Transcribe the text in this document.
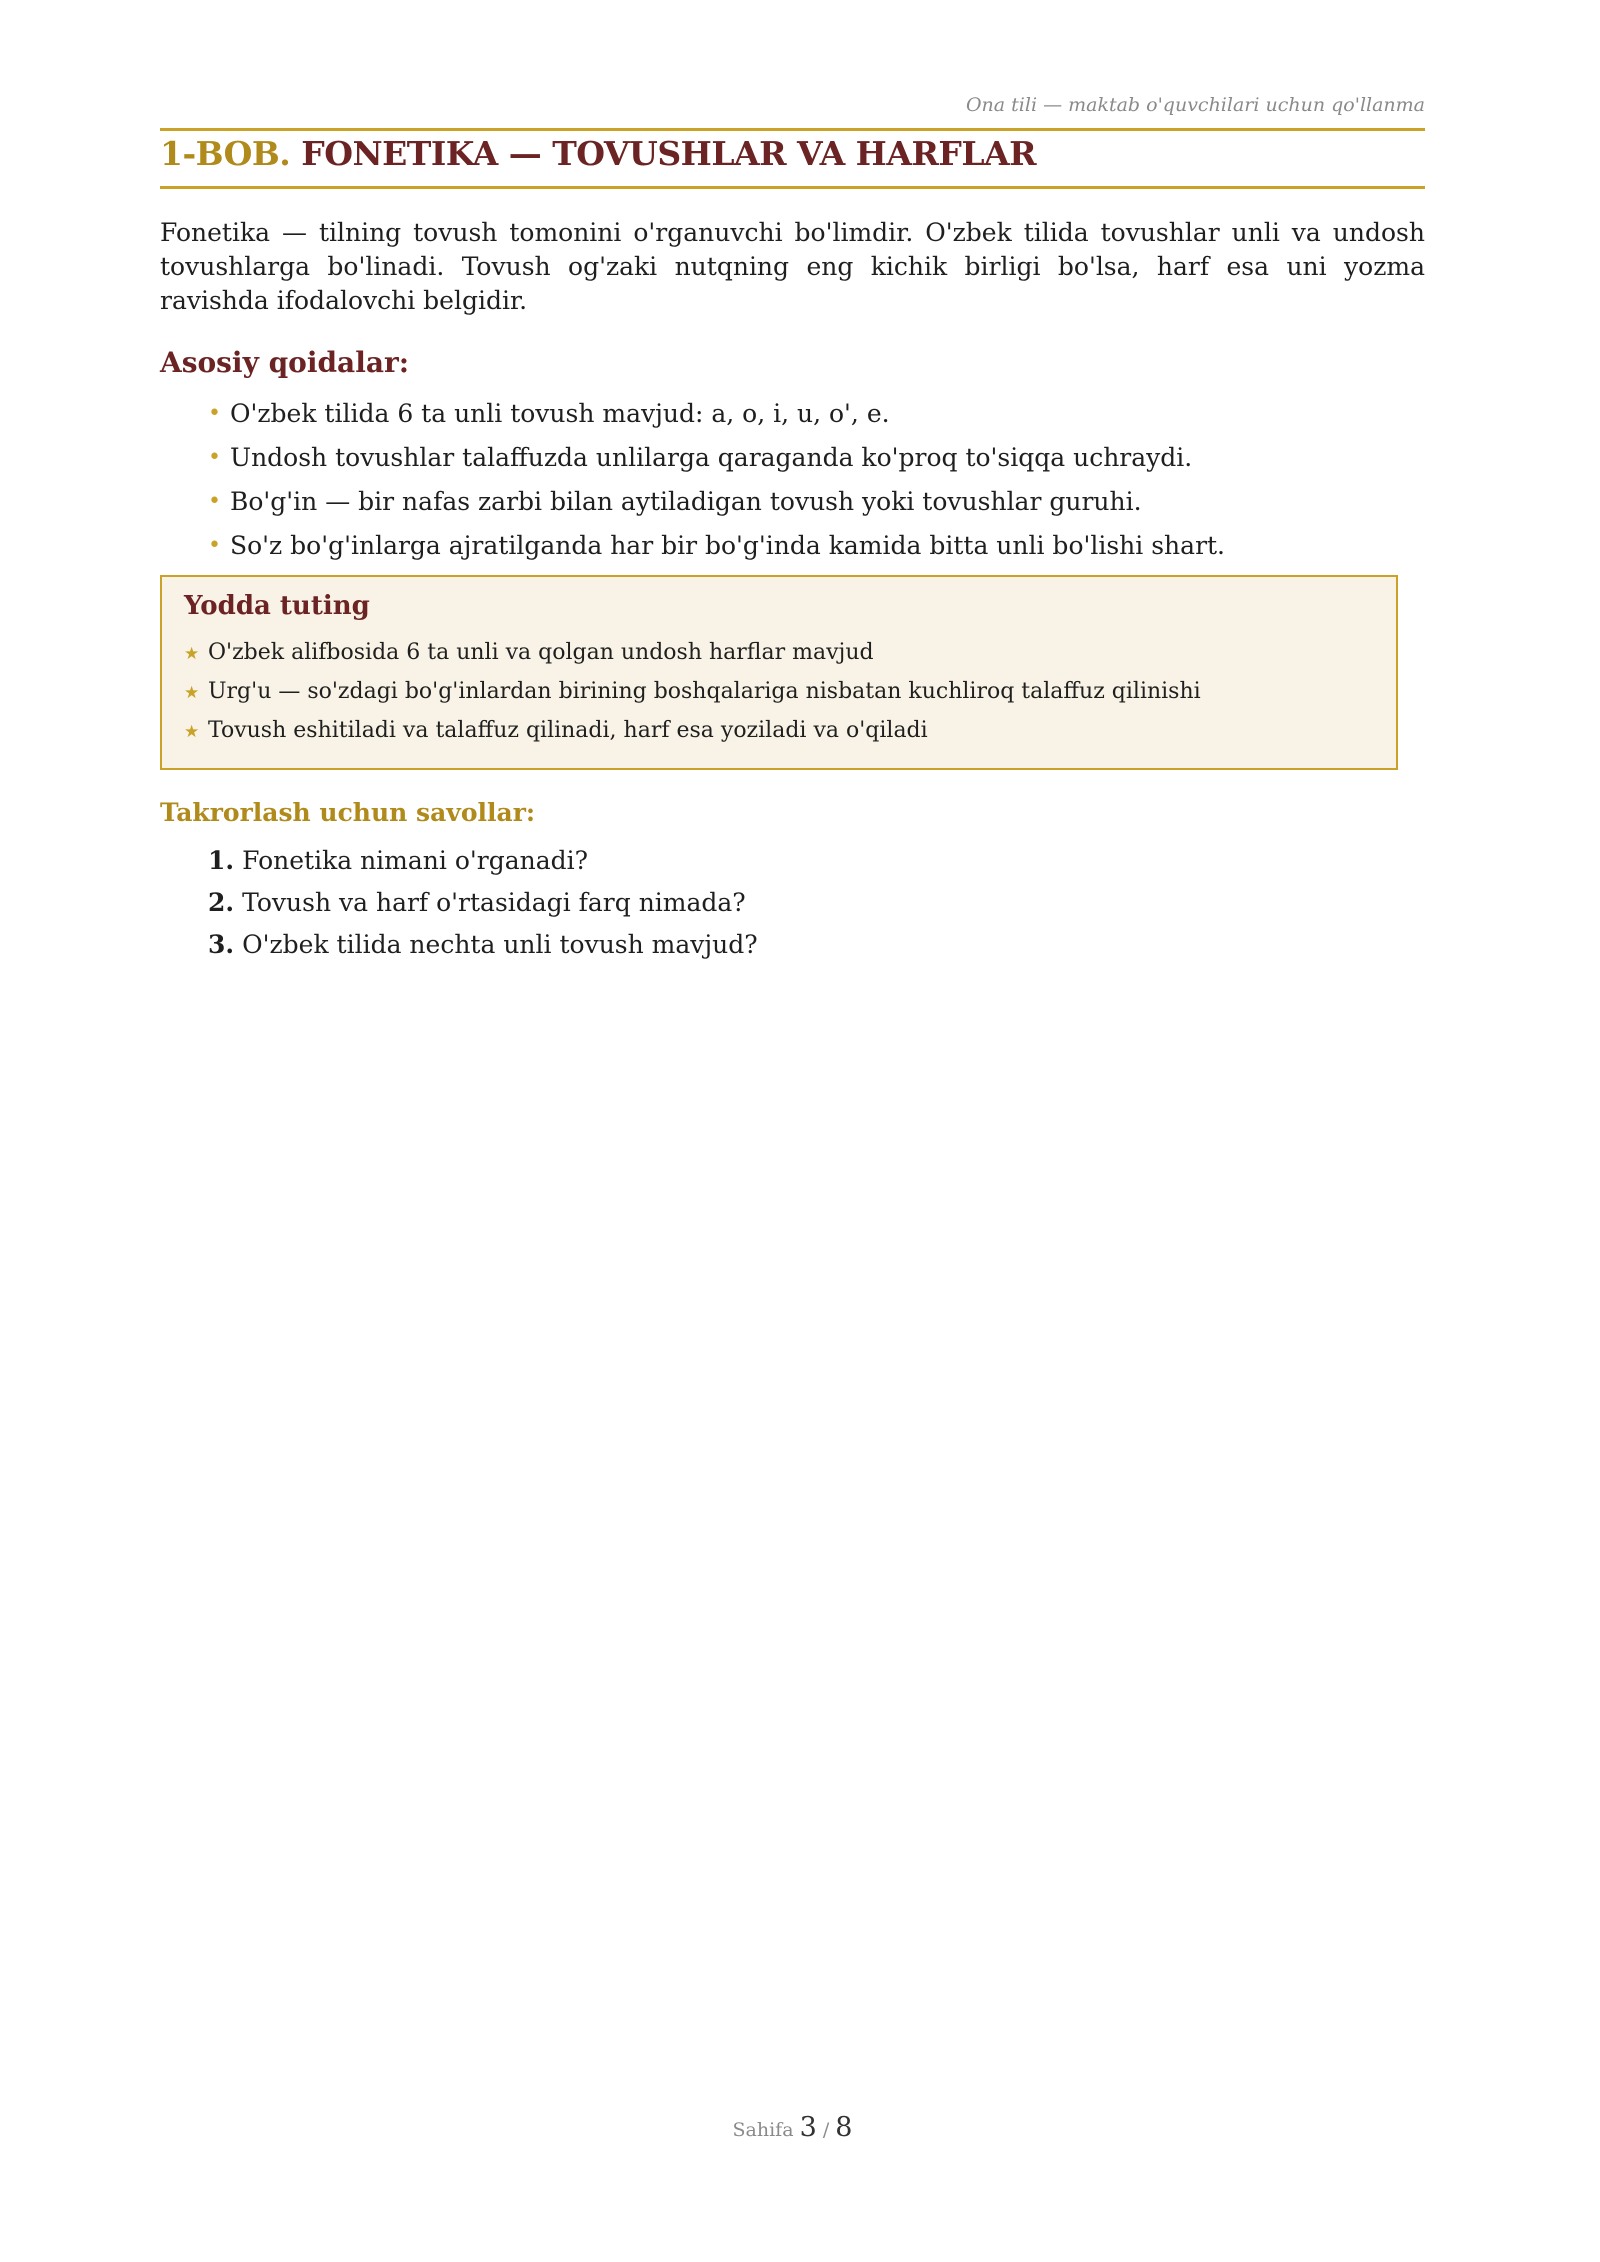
Ona tili — maktab o'quvchilari uchun qo'llanma
1-BOB. FONETIKA — TOVUSHLAR VA HARFLAR

Fonetika — tilning tovush tomonini o'rganuvchi bo'limdir. O'zbek tilida tovushlar unli va undosh tovushlarga bo'linadi. Tovush og'zaki nutqning eng kichik birligi bo'lsa, harf esa uni yozma ravishda ifodalovchi belgidir.

Asosiy qoidalar:
• O'zbek tilida 6 ta unli tovush mavjud: a, o, i, u, o', e.
• Undosh tovushlar talaffuzda unlilarga qaraganda ko'proq to'siqqa uchraydi.
• Bo'g'in — bir nafas zarbi bilan aytiladigan tovush yoki tovushlar guruhi.
• So'z bo'g'inlarga ajratilganda har bir bo'g'inda kamida bitta unli bo'lishi shart.
Yodda tuting
★ O'zbek alifbosida 6 ta unli va qolgan undosh harflar mavjud
★ Urg'u — so'zdagi bo'g'inlardan birining boshqalariga nisbatan kuchliroq talaffuz qilinishi
★ Tovush eshitiladi va talaffuz qilinadi, harf esa yoziladi va o'qiladi
Takrorlash uchun savollar:
1. Fonetika nimani o'rganadi?
2. Tovush va harf o'rtasidagi farq nimada?
3. O'zbek tilida nechta unli tovush mavjud?
Sahifa 3 / 8
